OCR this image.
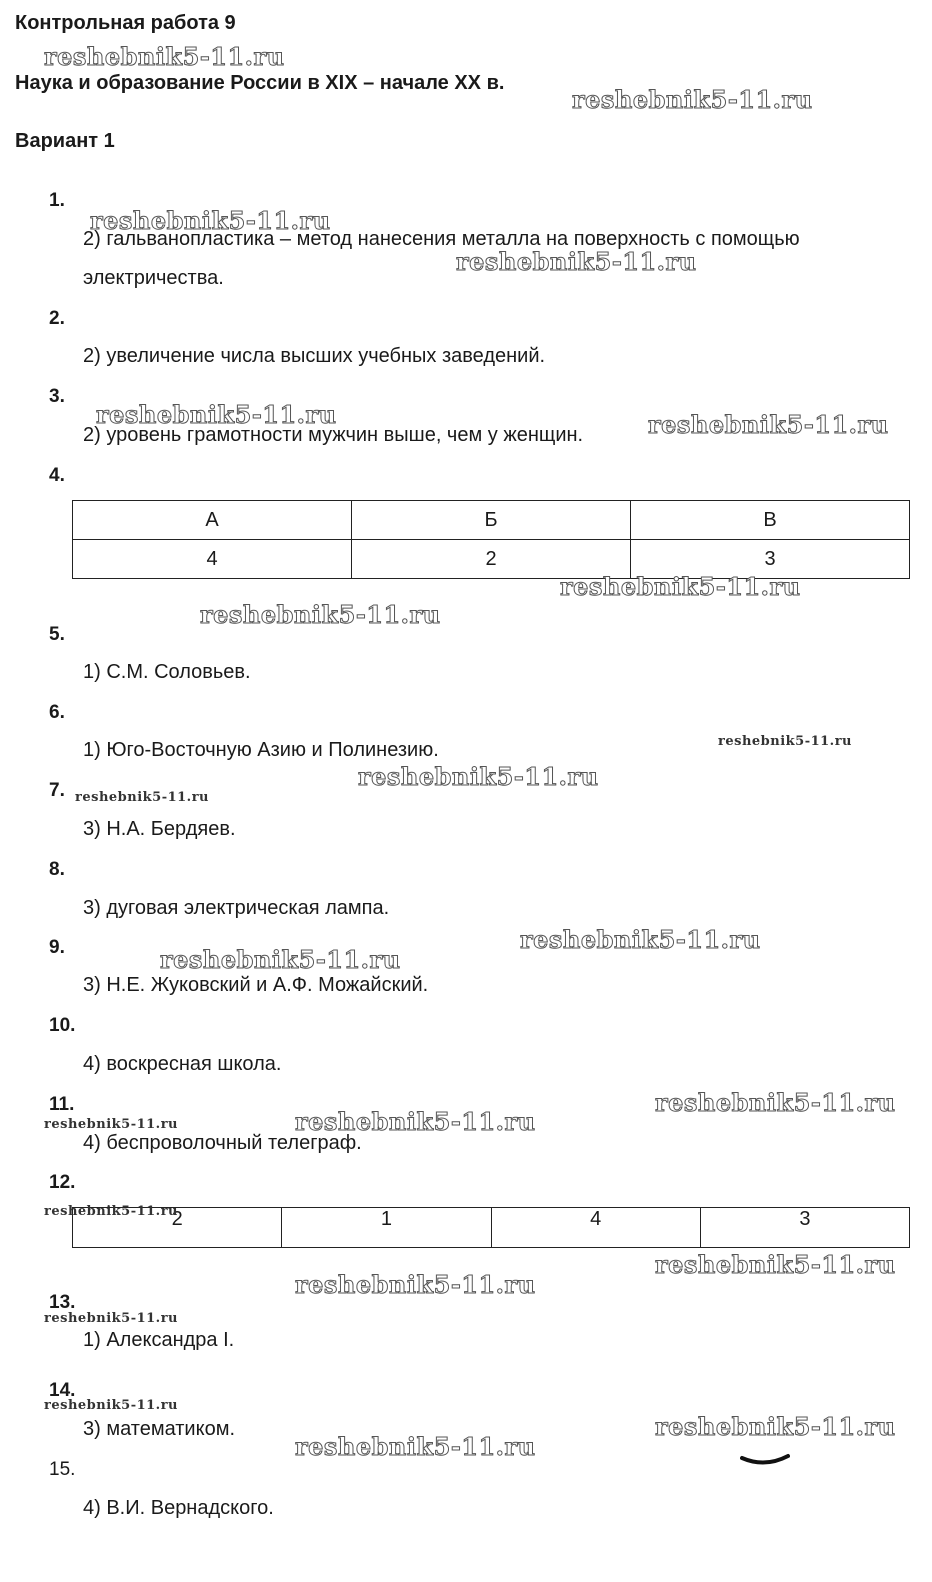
Контрольная работа 9
Наука и образование России в XIX – начале XX в.
Вариант 1
1.
2) гальванопластика – метод нанесения металла на поверхность с помощью
электричества.
2.
2) увеличение числа высших учебных заведений.
3.
2) уровень грамотности мужчин выше, чем у женщин.
4.
А	Б	В
4	2	3
5.
1) С.М. Соловьев.
6.
1) Юго-Восточную Азию и Полинезию.
7.
3) Н.А. Бердяев.
8.
3) дуговая электрическая лампа.
9.
3) Н.Е. Жуковский и А.Ф. Можайский.
10.
4) воскресная школа.
11.
4) беспроволочный телеграф.
12.
2	1	4	3
13.
1) Александра I.
14.
3) математиком.
15.
4) В.И. Вернадского.
reshebnik5-11.ru
reshebnik5-11.ru
reshebnik5-11.ru
reshebnik5-11.ru
reshebnik5-11.ru	reshebnik5-11.ru
reshebnik5-11.ru
reshebnik5-11.ru
reshebnik5-11.ru
reshebnik5-11.ru
reshebnik5-11.ru
reshebnik5-11.ru
reshebnik5-11.ru
reshebnik5-11.ru
reshebnik5-11.ru
reshebnik5-11.ru
reshebnik5-11.ru
reshebnik5-11.ru
reshebnik5-11.ru
reshebnik5-11.ru
reshebnik5-11.ru
reshebnik5-11.ru
reshebnik5-11.ru
